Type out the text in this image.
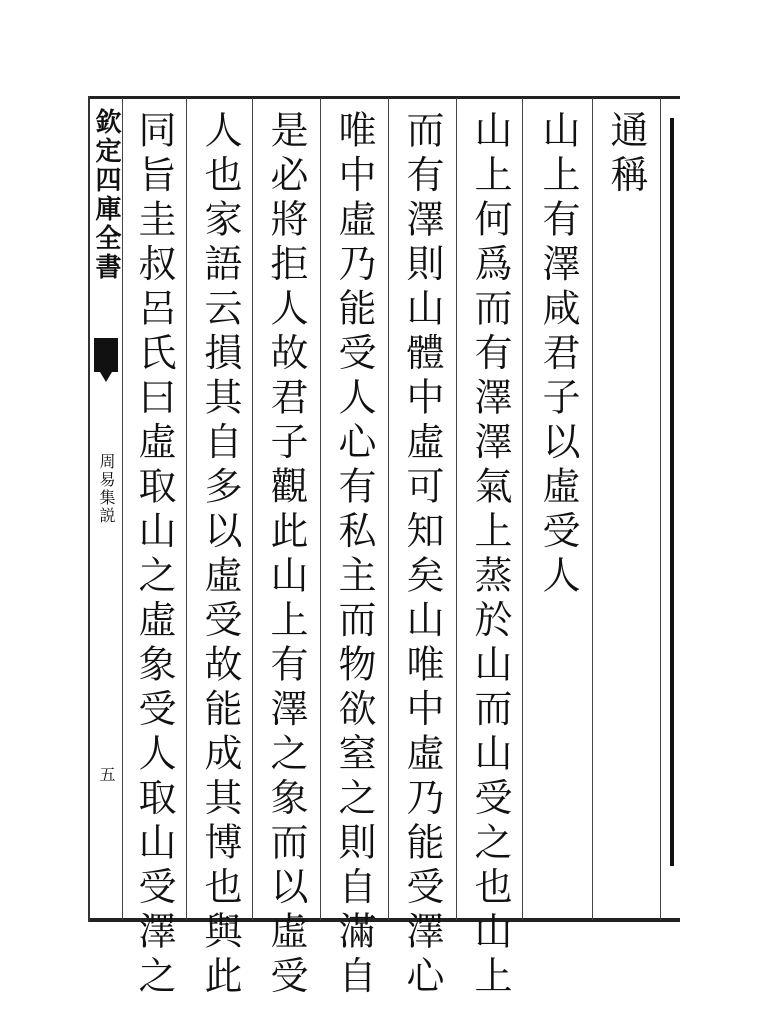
欽定四庫全書
周易集説
五
通稱
山上有澤咸君子以虛受人
山上何爲而有澤澤氣上蒸於山而山受之也山上
而有澤則山體中虛可知矣山唯中虛乃能受澤心
唯中虛乃能受人心有私主而物欲窒之則自滿自
是必將拒人故君子觀此山上有澤之象而以虛受
人也家語云損其自多以虛受故能成其博也與此
同旨圭叔呂氏曰虛取山之虛象受人取山受澤之
